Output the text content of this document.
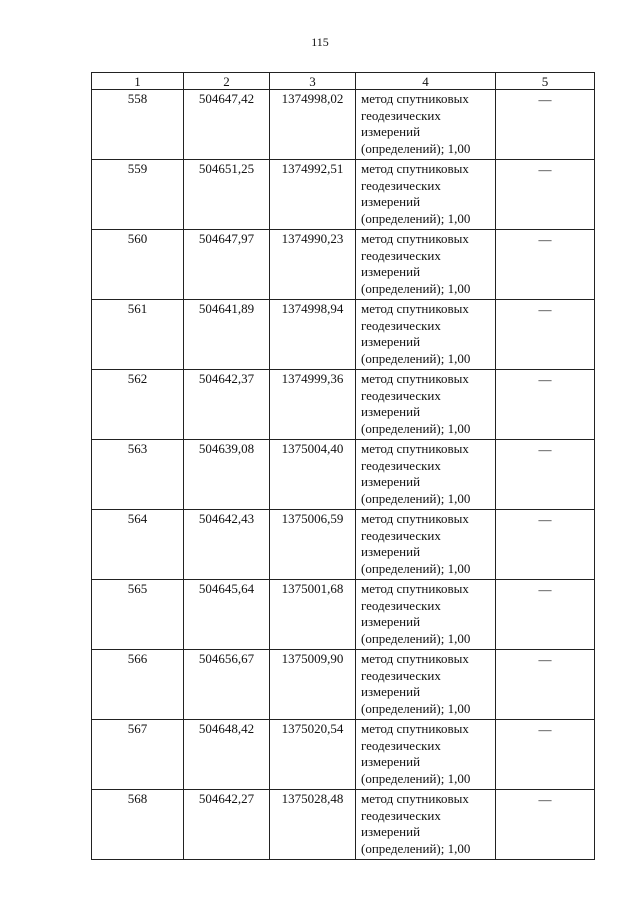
115
1	2	3	4	5
558	504647,42	1374998,02	метод спутниковых
геодезических
измерений
(определений); 1,00	—
559	504651,25	1374992,51	метод спутниковых
геодезических
измерений
(определений); 1,00	—
560	504647,97	1374990,23	метод спутниковых
геодезических
измерений
(определений); 1,00	—
561	504641,89	1374998,94	метод спутниковых
геодезических
измерений
(определений); 1,00	—
562	504642,37	1374999,36	метод спутниковых
геодезических
измерений
(определений); 1,00	—
563	504639,08	1375004,40	метод спутниковых
геодезических
измерений
(определений); 1,00	—
564	504642,43	1375006,59	метод спутниковых
геодезических
измерений
(определений); 1,00	—
565	504645,64	1375001,68	метод спутниковых
геодезических
измерений
(определений); 1,00	—
566	504656,67	1375009,90	метод спутниковых
геодезических
измерений
(определений); 1,00	—
567	504648,42	1375020,54	метод спутниковых
геодезических
измерений
(определений); 1,00	—
568	504642,27	1375028,48	метод спутниковых
геодезических
измерений
(определений); 1,00	—
